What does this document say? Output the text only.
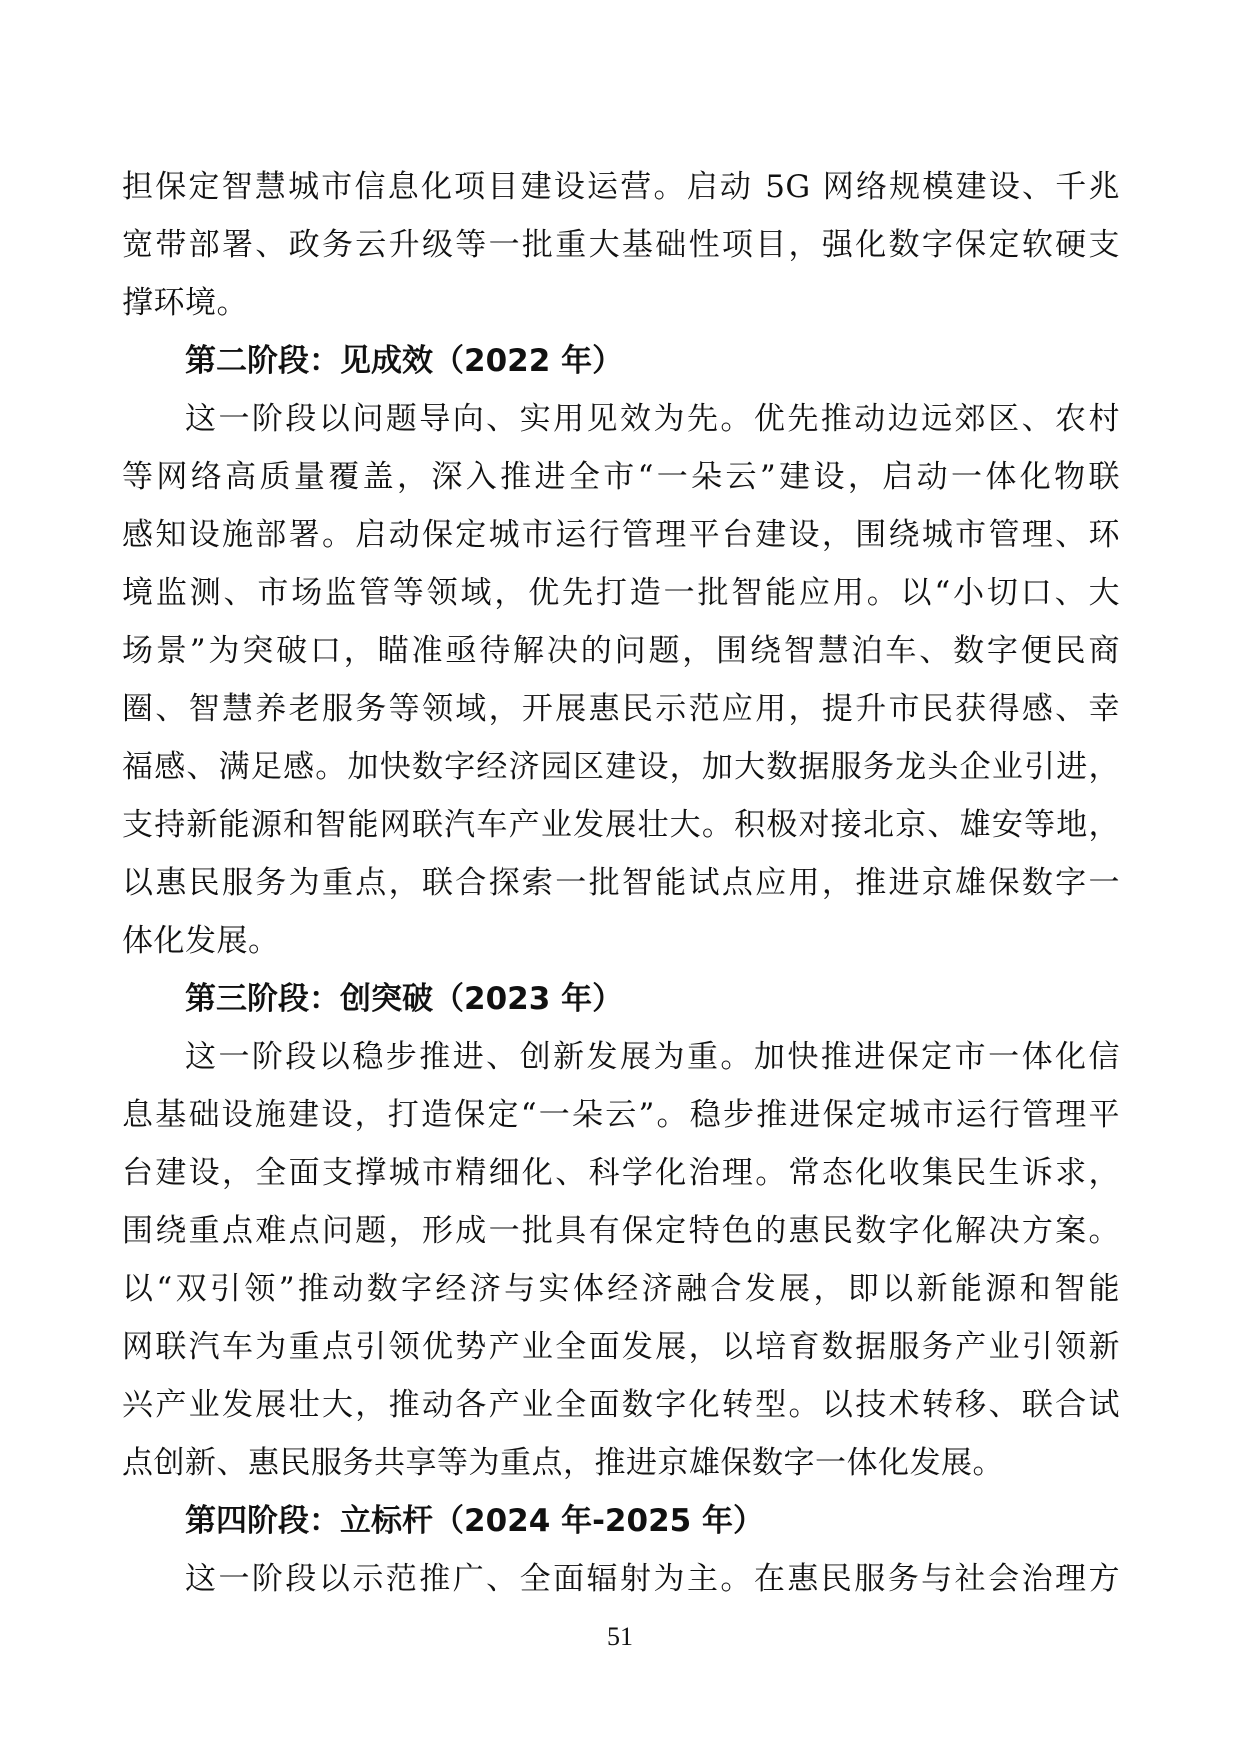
担保定智慧城市信息化项目建设运营。启动 5G 网络规模建设、千兆
宽带部署、政务云升级等一批重大基础性项目，强化数字保定软硬支
撑环境。
第二阶段：见成效（2022 年）
这一阶段以问题导向、实用见效为先。优先推动边远郊区、农村
等网络高质量覆盖，深入推进全市“一朵云”建设，启动一体化物联
感知设施部署。启动保定城市运行管理平台建设，围绕城市管理、环
境监测、市场监管等领域，优先打造一批智能应用。以“小切口、大
场景”为突破口，瞄准亟待解决的问题，围绕智慧泊车、数字便民商
圈、智慧养老服务等领域，开展惠民示范应用，提升市民获得感、幸
福感、满足感。加快数字经济园区建设，加大数据服务龙头企业引进，
支持新能源和智能网联汽车产业发展壮大。积极对接北京、雄安等地，
以惠民服务为重点，联合探索一批智能试点应用，推进京雄保数字一
体化发展。
第三阶段：创突破（2023 年）
这一阶段以稳步推进、创新发展为重。加快推进保定市一体化信
息基础设施建设，打造保定“一朵云”。稳步推进保定城市运行管理平
台建设，全面支撑城市精细化、科学化治理。常态化收集民生诉求，
围绕重点难点问题，形成一批具有保定特色的惠民数字化解决方案。
以“双引领”推动数字经济与实体经济融合发展，即以新能源和智能
网联汽车为重点引领优势产业全面发展，以培育数据服务产业引领新
兴产业发展壮大，推动各产业全面数字化转型。以技术转移、联合试
点创新、惠民服务共享等为重点，推进京雄保数字一体化发展。
第四阶段：立标杆（2024 年-2025 年）
这一阶段以示范推广、全面辐射为主。在惠民服务与社会治理方
51
